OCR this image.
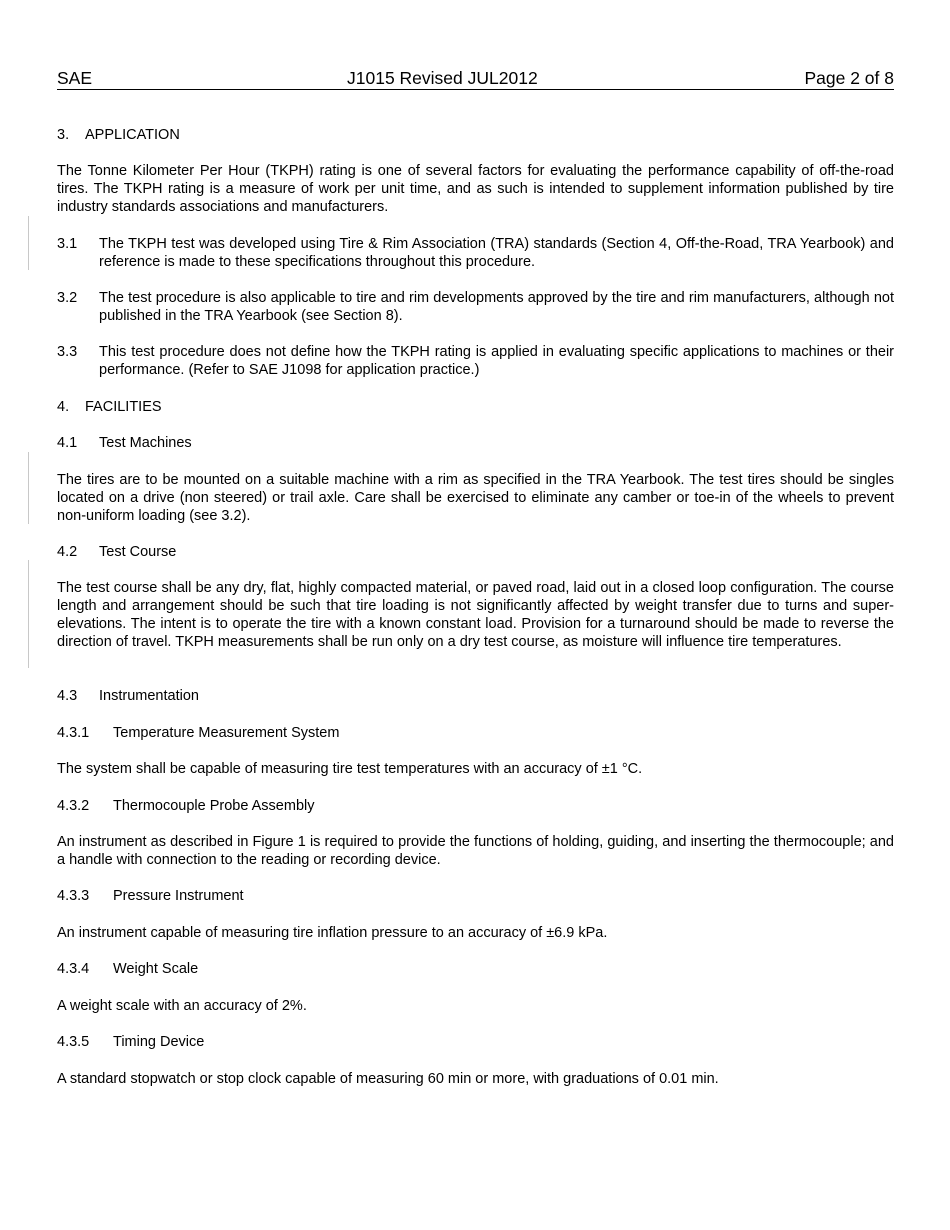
SAE	J1015 Revised JUL2012	Page 2 of 8
3. APPLICATION
The Tonne Kilometer Per Hour (TKPH) rating is one of several factors for evaluating the performance capability of off-the-road tires. The TKPH rating is a measure of work per unit time, and as such is intended to supplement information published by tire industry standards associations and manufacturers.
3.1 The TKPH test was developed using Tire & Rim Association (TRA) standards (Section 4, Off-the-Road, TRA Yearbook) and reference is made to these specifications throughout this procedure.
3.2 The test procedure is also applicable to tire and rim developments approved by the tire and rim manufacturers, although not published in the TRA Yearbook (see Section 8).
3.3 This test procedure does not define how the TKPH rating is applied in evaluating specific applications to machines or their performance. (Refer to SAE J1098 for application practice.)
4. FACILITIES
4.1 Test Machines
The tires are to be mounted on a suitable machine with a rim as specified in the TRA Yearbook. The test tires should be singles located on a drive (non steered) or trail axle. Care shall be exercised to eliminate any camber or toe-in of the wheels to prevent non-uniform loading (see 3.2).
4.2 Test Course
The test course shall be any dry, flat, highly compacted material, or paved road, laid out in a closed loop configuration. The course length and arrangement should be such that tire loading is not significantly affected by weight transfer due to turns and super-elevations. The intent is to operate the tire with a known constant load. Provision for a turnaround should be made to reverse the direction of travel. TKPH measurements shall be run only on a dry test course, as moisture will influence tire temperatures.
4.3 Instrumentation
4.3.1 Temperature Measurement System
The system shall be capable of measuring tire test temperatures with an accuracy of ±1 °C.
4.3.2 Thermocouple Probe Assembly
An instrument as described in Figure 1 is required to provide the functions of holding, guiding, and inserting the thermocouple; and a handle with connection to the reading or recording device.
4.3.3 Pressure Instrument
An instrument capable of measuring tire inflation pressure to an accuracy of ±6.9 kPa.
4.3.4 Weight Scale
A weight scale with an accuracy of 2%.
4.3.5 Timing Device
A standard stopwatch or stop clock capable of measuring 60 min or more, with graduations of 0.01 min.
